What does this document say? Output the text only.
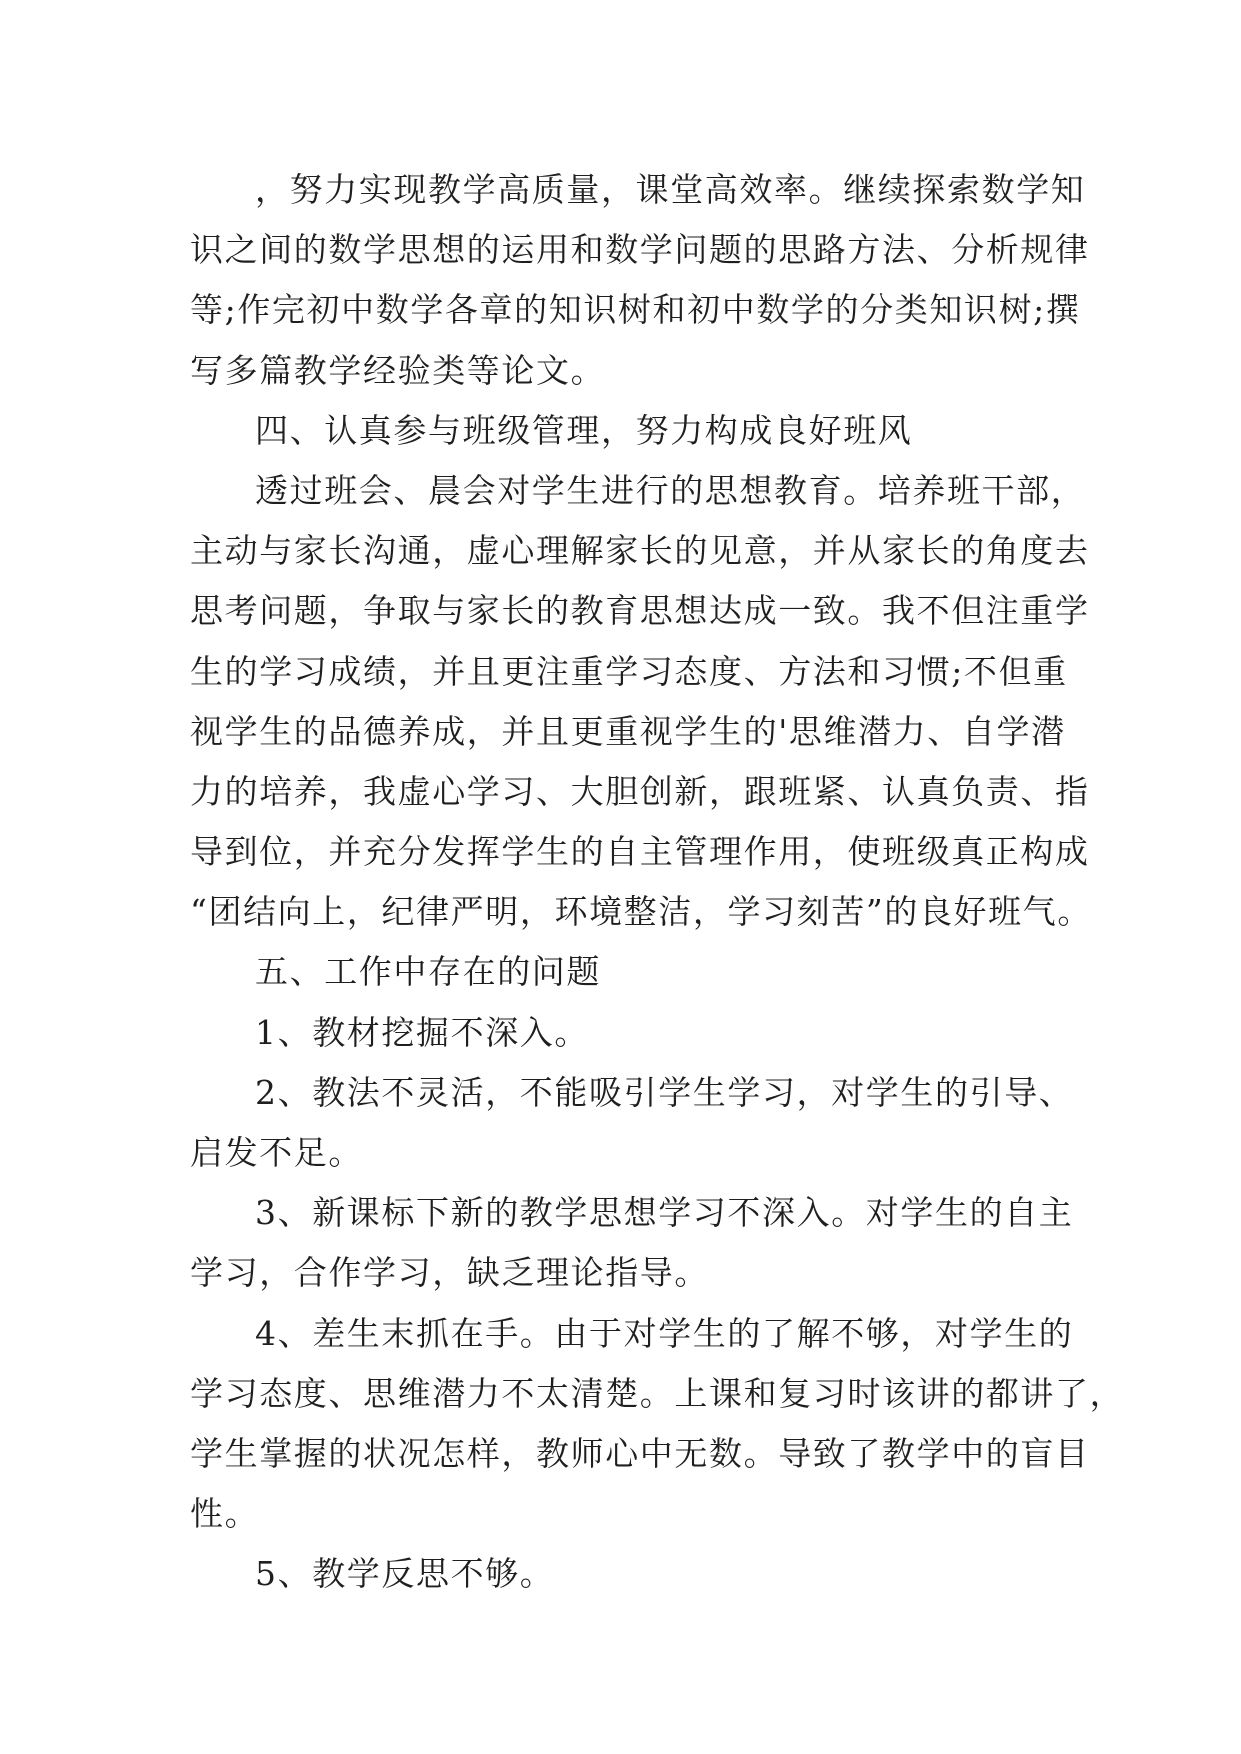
，努力实现教学高质量，课堂高效率。继续探索数学知
识之间的数学思想的运用和数学问题的思路方法、分析规律
等;作完初中数学各章的知识树和初中数学的分类知识树;撰
写多篇教学经验类等论文。
四、认真参与班级管理，努力构成良好班风
透过班会、晨会对学生进行的思想教育。培养班干部，
主动与家长沟通，虚心理解家长的见意，并从家长的角度去
思考问题，争取与家长的教育思想达成一致。我不但注重学
生的学习成绩，并且更注重学习态度、方法和习惯;不但重
视学生的品德养成，并且更重视学生的'思维潜力、自学潜
力的培养，我虚心学习、大胆创新，跟班紧、认真负责、指
导到位，并充分发挥学生的自主管理作用，使班级真正构成
“团结向上，纪律严明，环境整洁，学习刻苦”的良好班气。
五、工作中存在的问题
1、教材挖掘不深入。
2、教法不灵活，不能吸引学生学习，对学生的引导、
启发不足。
3、新课标下新的教学思想学习不深入。对学生的自主
学习，合作学习，缺乏理论指导。
4、差生末抓在手。由于对学生的了解不够，对学生的
学习态度、思维潜力不太清楚。上课和复习时该讲的都讲了，
学生掌握的状况怎样，教师心中无数。导致了教学中的盲目
性。
5、教学反思不够。
